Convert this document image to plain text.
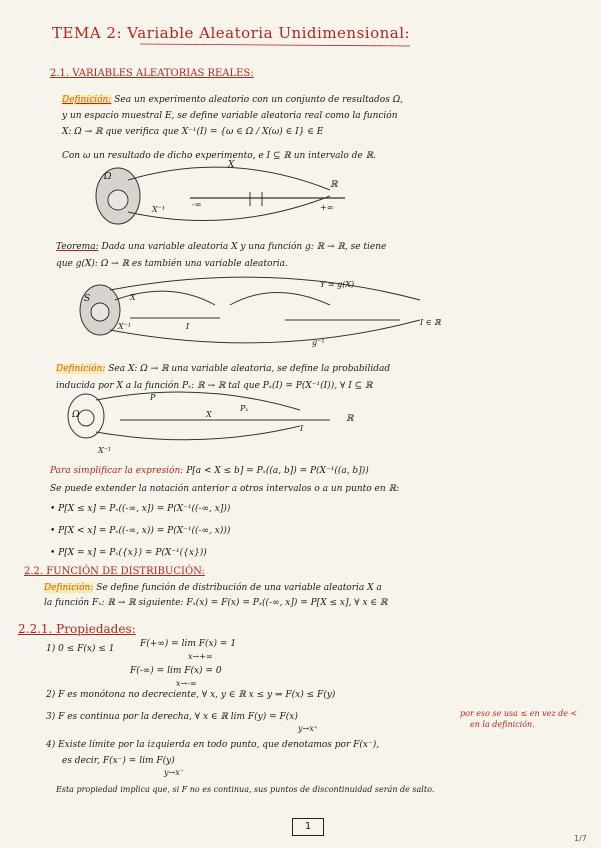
TEMA 2: Variable Aleatoria Unidimensional:
2.1. VARIABLES ALEATORIAS REALES:
Definición: Sea un experimento aleatorio con un conjunto de resultados Ω,
y un espacio muestral E, se define variable aleatoria real como la función
X: Ω → ℝ que verifica que X⁻¹(I) = {ω ∈ Ω / X(ω) ∈ I} ∈ E
Con ω un resultado de dicho experimento, e I ⊆ ℝ un intervalo de ℝ.
Ω
X
X⁻¹
ℝ
-∞	+∞
Teorema: Dada una variable aleatoria X y una función g: ℝ → ℝ, se tiene
que g(X): Ω → ℝ es también una variable aleatoria.
S
Y = g(X)
X
I	I ∈ ℝ
g⁻¹
X⁻¹
Definición: Sea X: Ω → ℝ una variable aleatoria, se define la probabilidad
inducida por X a la función Pₓ: ℝ → ℝ tal que Pₓ(I) = P(X⁻¹(I)), ∀ I ⊆ ℝ
Ω
P
Pₓ
X
X⁻¹
ℝ
I
Para simplificar la expresión: P[a < X ≤ b] = Pₓ((a, b]) = P(X⁻¹((a, b]))
Se puede extender la notación anterior a otros intervalos o a un punto en ℝ:
• P[X ≤ x] = Pₓ((-∞, x]) = P(X⁻¹((-∞, x]))
• P[X < x] = Pₓ((-∞, x)) = P(X⁻¹((-∞, x)))
• P[X = x] = Pₓ({x}) = P(X⁻¹({x}))
2.2. FUNCIÓN DE DISTRIBUCIÓN:
Definición: Se define función de distribución de una variable aleatoria X a
la función Fₓ: ℝ → ℝ siguiente: Fₓ(x) = F(x) = Pₓ((-∞, x]) = P[X ≤ x], ∀ x ∈ ℝ
2.2.1. Propiedades:
1) 0 ≤ F(x) ≤ 1	F(+∞) = lim F(x) = 1
x→+∞
F(-∞) = lim F(x) = 0
x→-∞
2) F es monótona no decreciente, ∀ x, y ∈ ℝ x ≤ y ⇒ F(x) ≤ F(y)
3) F es continua por la derecha, ∀ x ∈ ℝ lim F(y) = F(x)
y→x⁺
por eso se usa ≤ en vez de <
en la definición.
4) Existe límite por la izquierda en todo punto, que denotamos por F(x⁻),
es decir, F(x⁻) = lim F(y)
y→x⁻
Esta propiedad implica que, si F no es continua, sus puntos de discontinuidad serán de salto.
1
1/7
